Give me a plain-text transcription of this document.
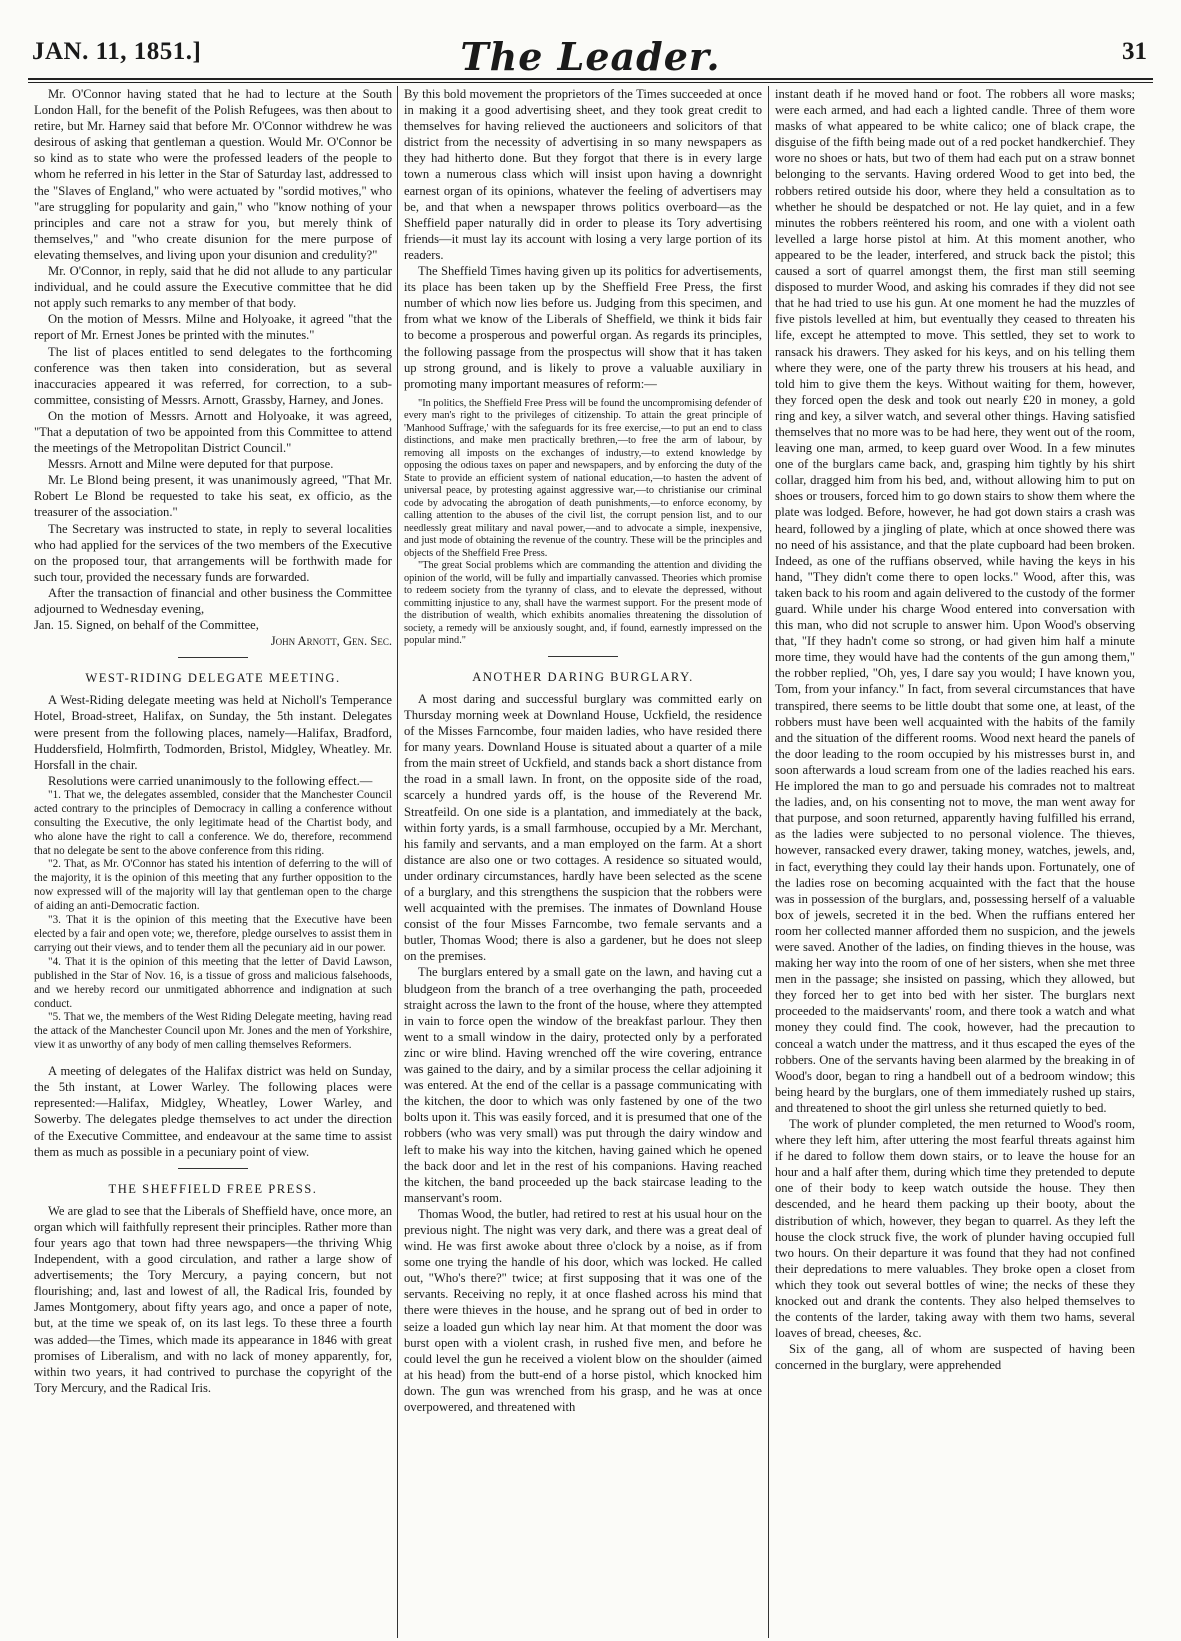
JAN. 11, 1851.]	The Leader.	31

Mr. O'Connor having stated that he had to lecture at the South London Hall, for the benefit of the Polish Refugees, was then about to retire, but Mr. Harney said that before Mr. O'Connor withdrew he was desirous of asking that gentleman a question. Would Mr. O'Connor be so kind as to state who were the professed leaders of the people to whom he referred in his letter in the Star of Saturday last, addressed to the "Slaves of England," who were actuated by "sordid motives," who "are struggling for popularity and gain," who "know nothing of your principles and care not a straw for you, but merely think of themselves," and "who create disunion for the mere purpose of elevating themselves, and living upon your disunion and credulity?"

Mr. O'Connor, in reply, said that he did not allude to any particular individual, and he could assure the Executive committee that he did not apply such remarks to any member of that body.

On the motion of Messrs. Milne and Holyoake, it agreed "that the report of Mr. Ernest Jones be printed with the minutes."

The list of places entitled to send delegates to the forthcoming conference was then taken into consideration, but as several inaccuracies appeared it was referred, for correction, to a sub-committee, consisting of Messrs. Arnott, Grassby, Harney, and Jones.

On the motion of Messrs. Arnott and Holyoake, it was agreed, "That a deputation of two be appointed from this Committee to attend the meetings of the Metropolitan District Council."

Messrs. Arnott and Milne were deputed for that purpose.

Mr. Le Blond being present, it was unanimously agreed, "That Mr. Robert Le Blond be requested to take his seat, ex officio, as the treasurer of the association."

The Secretary was instructed to state, in reply to several localities who had applied for the services of the two members of the Executive on the proposed tour, that arrangements will be forthwith made for such tour, provided the necessary funds are forwarded.

After the transaction of financial and other business the Committee adjourned to Wednesday evening,

Jan. 15. Signed, on behalf of the Committee,

John Arnott, Gen. Sec.

WEST-RIDING DELEGATE MEETING.

A West-Riding delegate meeting was held at Nicholl's Temperance Hotel, Broad-street, Halifax, on Sunday, the 5th instant. Delegates were present from the following places, namely—Halifax, Bradford, Huddersfield, Holmfirth, Todmorden, Bristol, Midgley, Wheatley. Mr. Horsfall in the chair.

Resolutions were carried unanimously to the following effect.—

"1. That we, the delegates assembled, consider that the Manchester Council acted contrary to the principles of Democracy in calling a conference without consulting the Executive, the only legitimate head of the Chartist body, and who alone have the right to call a conference. We do, therefore, recommend that no delegate be sent to the above conference from this riding.

"2. That, as Mr. O'Connor has stated his intention of deferring to the will of the majority, it is the opinion of this meeting that any further opposition to the now expressed will of the majority will lay that gentleman open to the charge of aiding an anti-Democratic faction.

"3. That it is the opinion of this meeting that the Executive have been elected by a fair and open vote; we, therefore, pledge ourselves to assist them in carrying out their views, and to tender them all the pecuniary aid in our power.

"4. That it is the opinion of this meeting that the letter of David Lawson, published in the Star of Nov. 16, is a tissue of gross and malicious falsehoods, and we hereby record our unmitigated abhorrence and indignation at such conduct.

"5. That we, the members of the West Riding Delegate meeting, having read the attack of the Manchester Council upon Mr. Jones and the men of Yorkshire, view it as unworthy of any body of men calling themselves Reformers.

A meeting of delegates of the Halifax district was held on Sunday, the 5th instant, at Lower Warley. The following places were represented:—Halifax, Midgley, Wheatley, Lower Warley, and Sowerby. The delegates pledge themselves to act under the direction of the Executive Committee, and endeavour at the same time to assist them as much as possible in a pecuniary point of view.

THE SHEFFIELD FREE PRESS.

We are glad to see that the Liberals of Sheffield have, once more, an organ which will faithfully represent their principles. Rather more than four years ago that town had three newspapers—the thriving Whig Independent, with a good circulation, and rather a large show of advertisements; the Tory Mercury, a paying concern, but not flourishing; and, last and lowest of all, the Radical Iris, founded by James Montgomery, about fifty years ago, and once a paper of note, but, at the time we speak of, on its last legs. To these three a fourth was added—the Times, which made its appearance in 1846 with great promises of Liberalism, and with no lack of money apparently, for, within two years, it had contrived to purchase the copyright of the Tory Mercury, and the Radical Iris.

By this bold movement the proprietors of the Times succeeded at once in making it a good advertising sheet, and they took great credit to themselves for having relieved the auctioneers and solicitors of that district from the necessity of advertising in so many newspapers as they had hitherto done. But they forgot that there is in every large town a numerous class which will insist upon having a downright earnest organ of its opinions, whatever the feeling of advertisers may be, and that when a newspaper throws politics overboard—as the Sheffield paper naturally did in order to please its Tory advertising friends—it must lay its account with losing a very large portion of its readers.

The Sheffield Times having given up its politics for advertisements, its place has been taken up by the Sheffield Free Press, the first number of which now lies before us. Judging from this specimen, and from what we know of the Liberals of Sheffield, we think it bids fair to become a prosperous and powerful organ. As regards its principles, the following passage from the prospectus will show that it has taken up strong ground, and is likely to prove a valuable auxiliary in promoting many important measures of reform:—

"In politics, the Sheffield Free Press will be found the uncompromising defender of every man's right to the privileges of citizenship. To attain the great principle of 'Manhood Suffrage,' with the safeguards for its free exercise,—to put an end to class distinctions, and make men practically brethren,—to free the arm of labour, by removing all imposts on the exchanges of industry,—to extend knowledge by opposing the odious taxes on paper and newspapers, and by enforcing the duty of the State to provide an efficient system of national education,—to hasten the advent of universal peace, by protesting against aggressive war,—to christianise our criminal code by advocating the abrogation of death punishments,—to enforce economy, by calling attention to the abuses of the civil list, the corrupt pension list, and to our needlessly great military and naval power,—and to advocate a simple, inexpensive, and just mode of obtaining the revenue of the country. These will be the principles and objects of the Sheffield Free Press.

"The great Social problems which are commanding the attention and dividing the opinion of the world, will be fully and impartially canvassed. Theories which promise to redeem society from the tyranny of class, and to elevate the depressed, without committing injustice to any, shall have the warmest support. For the present mode of the distribution of wealth, which exhibits anomalies threatening the dissolution of society, a remedy will be anxiously sought, and, if found, earnestly impressed on the popular mind."

ANOTHER DARING BURGLARY.

A most daring and successful burglary was committed early on Thursday morning week at Downland House, Uckfield, the residence of the Misses Farncombe, four maiden ladies, who have resided there for many years. Downland House is situated about a quarter of a mile from the main street of Uckfield, and stands back a short distance from the road in a small lawn. In front, on the opposite side of the road, scarcely a hundred yards off, is the house of the Reverend Mr. Streatfeild. On one side is a plantation, and immediately at the back, within forty yards, is a small farmhouse, occupied by a Mr. Merchant, his family and servants, and a man employed on the farm. At a short distance are also one or two cottages. A residence so situated would, under ordinary circumstances, hardly have been selected as the scene of a burglary, and this strengthens the suspicion that the robbers were well acquainted with the premises. The inmates of Downland House consist of the four Misses Farncombe, two female servants and a butler, Thomas Wood; there is also a gardener, but he does not sleep on the premises.

The burglars entered by a small gate on the lawn, and having cut a bludgeon from the branch of a tree overhanging the path, proceeded straight across the lawn to the front of the house, where they attempted in vain to force open the window of the breakfast parlour. They then went to a small window in the dairy, protected only by a perforated zinc or wire blind. Having wrenched off the wire covering, entrance was gained to the dairy, and by a similar process the cellar adjoining it was entered. At the end of the cellar is a passage communicating with the kitchen, the door to which was only fastened by one of the two bolts upon it. This was easily forced, and it is presumed that one of the robbers (who was very small) was put through the dairy window and left to make his way into the kitchen, having gained which he opened the back door and let in the rest of his companions. Having reached the kitchen, the band proceeded up the back staircase leading to the manservant's room.

Thomas Wood, the butler, had retired to rest at his usual hour on the previous night. The night was very dark, and there was a great deal of wind. He was first awoke about three o'clock by a noise, as if from some one trying the handle of his door, which was locked. He called out, "Who's there?" twice; at first supposing that it was one of the servants. Receiving no reply, it at once flashed across his mind that there were thieves in the house, and he sprang out of bed in order to seize a loaded gun which lay near him. At that moment the door was burst open with a violent crash, in rushed five men, and before he could level the gun he received a violent blow on the shoulder (aimed at his head) from the butt-end of a horse pistol, which knocked him down. The gun was wrenched from his grasp, and he was at once overpowered, and threatened with

instant death if he moved hand or foot. The robbers all wore masks; were each armed, and had each a lighted candle. Three of them wore masks of what appeared to be white calico; one of black crape, the disguise of the fifth being made out of a red pocket handkerchief. They wore no shoes or hats, but two of them had each put on a straw bonnet belonging to the servants. Having ordered Wood to get into bed, the robbers retired outside his door, where they held a consultation as to whether he should be despatched or not. He lay quiet, and in a few minutes the robbers reëntered his room, and one with a violent oath levelled a large horse pistol at him. At this moment another, who appeared to be the leader, interfered, and struck back the pistol; this caused a sort of quarrel amongst them, the first man still seeming disposed to murder Wood, and asking his comrades if they did not see that he had tried to use his gun. At one moment he had the muzzles of five pistols levelled at him, but eventually they ceased to threaten his life, except he attempted to move. This settled, they set to work to ransack his drawers. They asked for his keys, and on his telling them where they were, one of the party threw his trousers at his head, and told him to give them the keys. Without waiting for them, however, they forced open the desk and took out nearly £20 in money, a gold ring and key, a silver watch, and several other things. Having satisfied themselves that no more was to be had here, they went out of the room, leaving one man, armed, to keep guard over Wood. In a few minutes one of the burglars came back, and, grasping him tightly by his shirt collar, dragged him from his bed, and, without allowing him to put on shoes or trousers, forced him to go down stairs to show them where the plate was lodged. Before, however, he had got down stairs a crash was heard, followed by a jingling of plate, which at once showed there was no need of his assistance, and that the plate cupboard had been broken. Indeed, as one of the ruffians observed, while having the keys in his hand, "They didn't come there to open locks." Wood, after this, was taken back to his room and again delivered to the custody of the former guard. While under his charge Wood entered into conversation with this man, who did not scruple to answer him. Upon Wood's observing that, "If they hadn't come so strong, or had given him half a minute more time, they would have had the contents of the gun among them," the robber replied, "Oh, yes, I dare say you would; I have known you, Tom, from your infancy." In fact, from several circumstances that have transpired, there seems to be little doubt that some one, at least, of the robbers must have been well acquainted with the habits of the family and the situation of the different rooms. Wood next heard the panels of the door leading to the room occupied by his mistresses burst in, and soon afterwards a loud scream from one of the ladies reached his ears. He implored the man to go and persuade his comrades not to maltreat the ladies, and, on his consenting not to move, the man went away for that purpose, and soon returned, apparently having fulfilled his errand, as the ladies were subjected to no personal violence. The thieves, however, ransacked every drawer, taking money, watches, jewels, and, in fact, everything they could lay their hands upon. Fortunately, one of the ladies rose on becoming acquainted with the fact that the house was in possession of the burglars, and, possessing herself of a valuable box of jewels, secreted it in the bed. When the ruffians entered her room her collected manner afforded them no suspicion, and the jewels were saved. Another of the ladies, on finding thieves in the house, was making her way into the room of one of her sisters, when she met three men in the passage; she insisted on passing, which they allowed, but they forced her to get into bed with her sister. The burglars next proceeded to the maidservants' room, and there took a watch and what money they could find. The cook, however, had the precaution to conceal a watch under the mattress, and it thus escaped the eyes of the robbers. One of the servants having been alarmed by the breaking in of Wood's door, began to ring a handbell out of a bedroom window; this being heard by the burglars, one of them immediately rushed up stairs, and threatened to shoot the girl unless she returned quietly to bed.

The work of plunder completed, the men returned to Wood's room, where they left him, after uttering the most fearful threats against him if he dared to follow them down stairs, or to leave the house for an hour and a half after them, during which time they pretended to depute one of their body to keep watch outside the house. They then descended, and he heard them packing up their booty, about the distribution of which, however, they began to quarrel. As they left the house the clock struck five, the work of plunder having occupied full two hours. On their departure it was found that they had not confined their depredations to mere valuables. They broke open a closet from which they took out several bottles of wine; the necks of these they knocked out and drank the contents. They also helped themselves to the contents of the larder, taking away with them two hams, several loaves of bread, cheeses, &c.

Six of the gang, all of whom are suspected of having been concerned in the burglary, were apprehended
